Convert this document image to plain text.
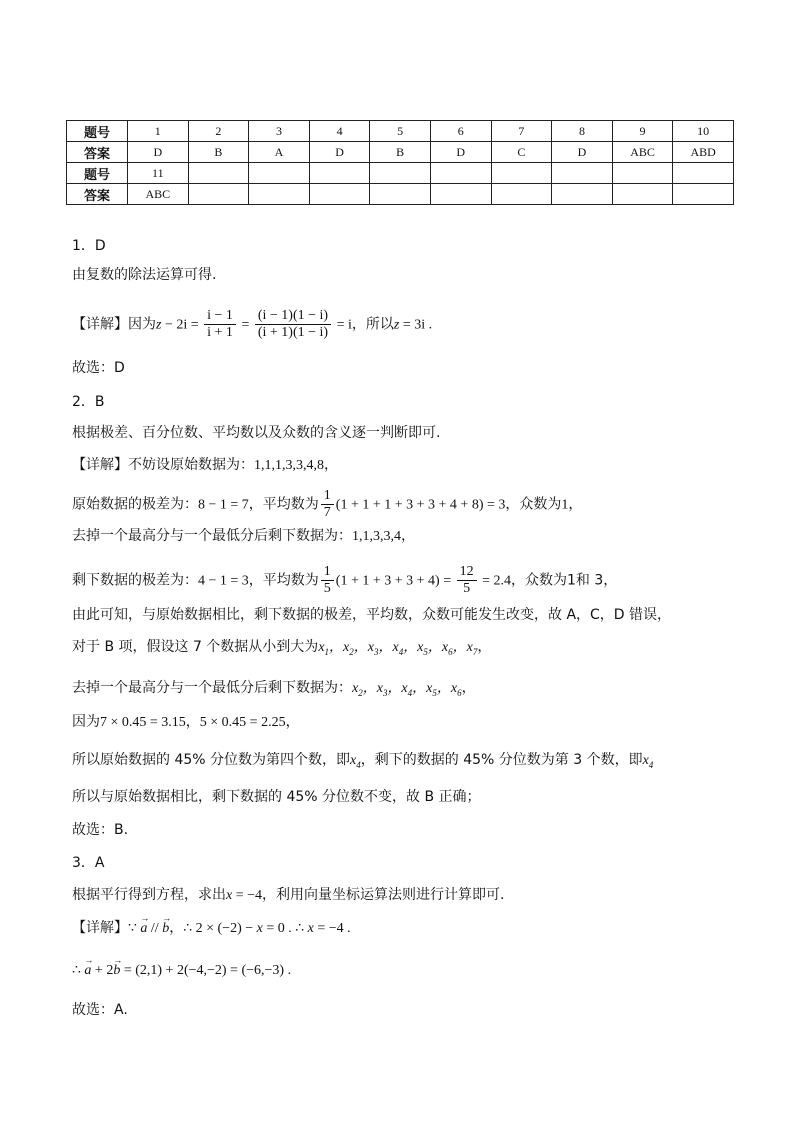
题号	1	2	3	4	5	6	7	8	9	10
答案	D	B	A	D	B	D	C	D	ABC	ABD
题号	11									
答案	ABC									
1．D
由复数的除法运算可得.
【详解】因为$z - 2i = \frac{i - 1}{i + 1} = \frac{(i - 1)(1 - i)}{(i + 1)(1 - i)} = i$，所以z = 3i .
故选：D
2．B
根据极差、百分位数、平均数以及众数的含义逐一判断即可.
【详解】不妨设原始数据为：1,1,1,3,3,4,8，
原始数据的极差为：8 − 1 = 7，平均数为 $\frac{1}{7} (1 + 1 + 1 + 3 + 3 + 4 + 8) = 3$，众数为1，
去掉一个最高分与一个最低分后剩下数据为：1,1,3,3,4，
剩下数据的极差为：4 − 1 = 3，平均数为 $\frac{1}{5} (1 + 1 + 3 + 3 + 4) = \frac{12}{5} = 2.4$，众数为1和 3，
由此可知，与原始数据相比，剩下数据的极差，平均数，众数可能发生改变，故 A，C，D 错误，
对于 B 项，假设这 7 个数据从小到大为$x_1$，$x_2$，$x_3$，$x_4$，$x_5$，$x_6$，$x_7$，
去掉一个最高分与一个最低分后剩下数据为：$x_2$，$x_3$，$x_4$，$x_5$，$x_6$，
因为7 × 0.45 = 3.15，5 × 0.45 = 2.25，
所以原始数据的 45% 分位数为第四个数，即$x_4$，剩下的数据的 45% 分位数为第 3 个数，即$x_4$
所以与原始数据相比，剩下数据的 45% 分位数不变，故 B 正确；
故选：B.
3．A
根据平行得到方程，求出x = −4，利用向量坐标运算法则进行计算即可.
【详解】∵ → a // → b，∴ 2 × (−2) − x = 0 . ∴ x = −4 .
∴ → a + 2→ b = (2,1) + 2(−4,−2) = (−6,−3) .
故选：A.
